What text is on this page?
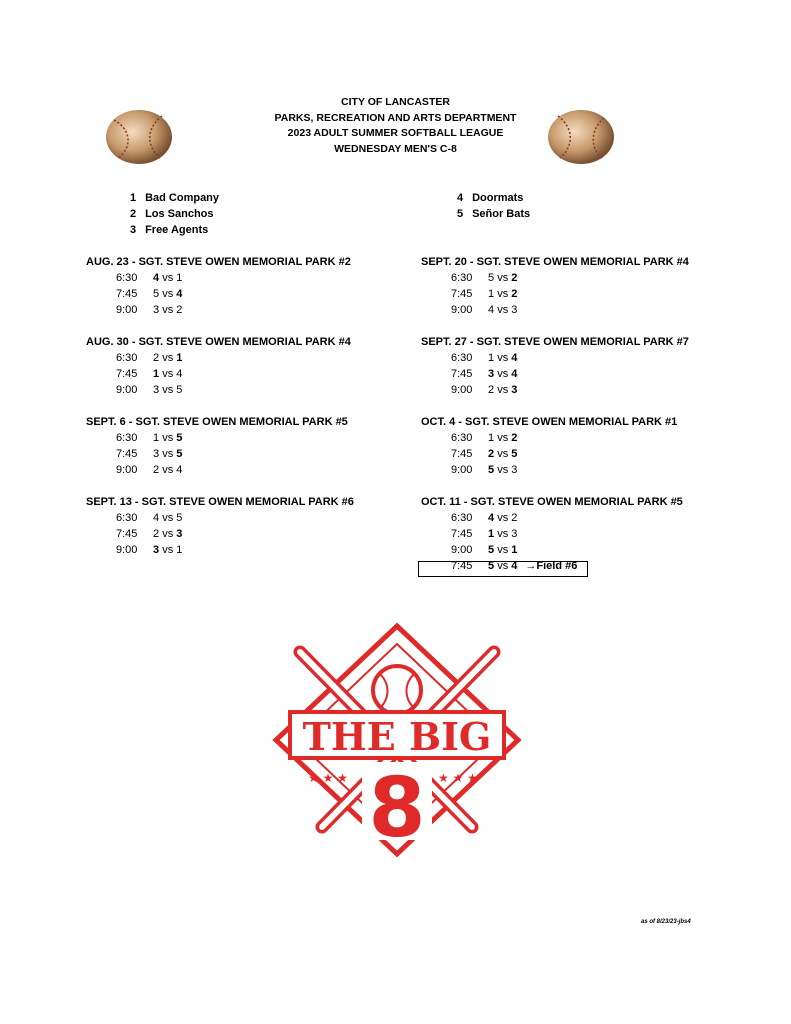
CITY OF LANCASTER
PARKS, RECREATION AND ARTS DEPARTMENT
2023 ADULT SUMMER SOFTBALL LEAGUE
WEDNESDAY MEN'S C-8
1 Bad Company
2 Los Sanchos
3 Free Agents
4 Doormats
5 Señor Bats
AUG. 23 - SGT. STEVE OWEN MEMORIAL PARK #2
6:30	4 vs 1
7:45	5 vs 4
9:00	3 vs 2
AUG. 30 - SGT. STEVE OWEN MEMORIAL PARK #4
6:30	2 vs 1
7:45	1 vs 4
9:00	3 vs 5
SEPT. 6 - SGT. STEVE OWEN MEMORIAL PARK #5
6:30	1 vs 5
7:45	3 vs 5
9:00	2 vs 4
SEPT. 13 - SGT. STEVE OWEN MEMORIAL PARK #6
6:30	4 vs 5
7:45	2 vs 3
9:00	3 vs 1
SEPT. 20 - SGT. STEVE OWEN MEMORIAL PARK #4
6:30	5 vs 2
7:45	1 vs 2
9:00	4 vs 3
SEPT. 27 - SGT. STEVE OWEN MEMORIAL PARK #7
6:30	1 vs 4
7:45	3 vs 4
9:00	2 vs 3
OCT. 4 - SGT. STEVE OWEN MEMORIAL PARK #1
6:30	1 vs 2
7:45	2 vs 5
9:00	5 vs 3
OCT. 11 - SGT. STEVE OWEN MEMORIAL PARK #5
6:30	4 vs 2
7:45	1 vs 3
9:00	5 vs 1
7:45	5 vs 4 →Field #6
THE BIG
★ ★ ★	★ ★ ★
8
as of 8/23/23-jbs4
